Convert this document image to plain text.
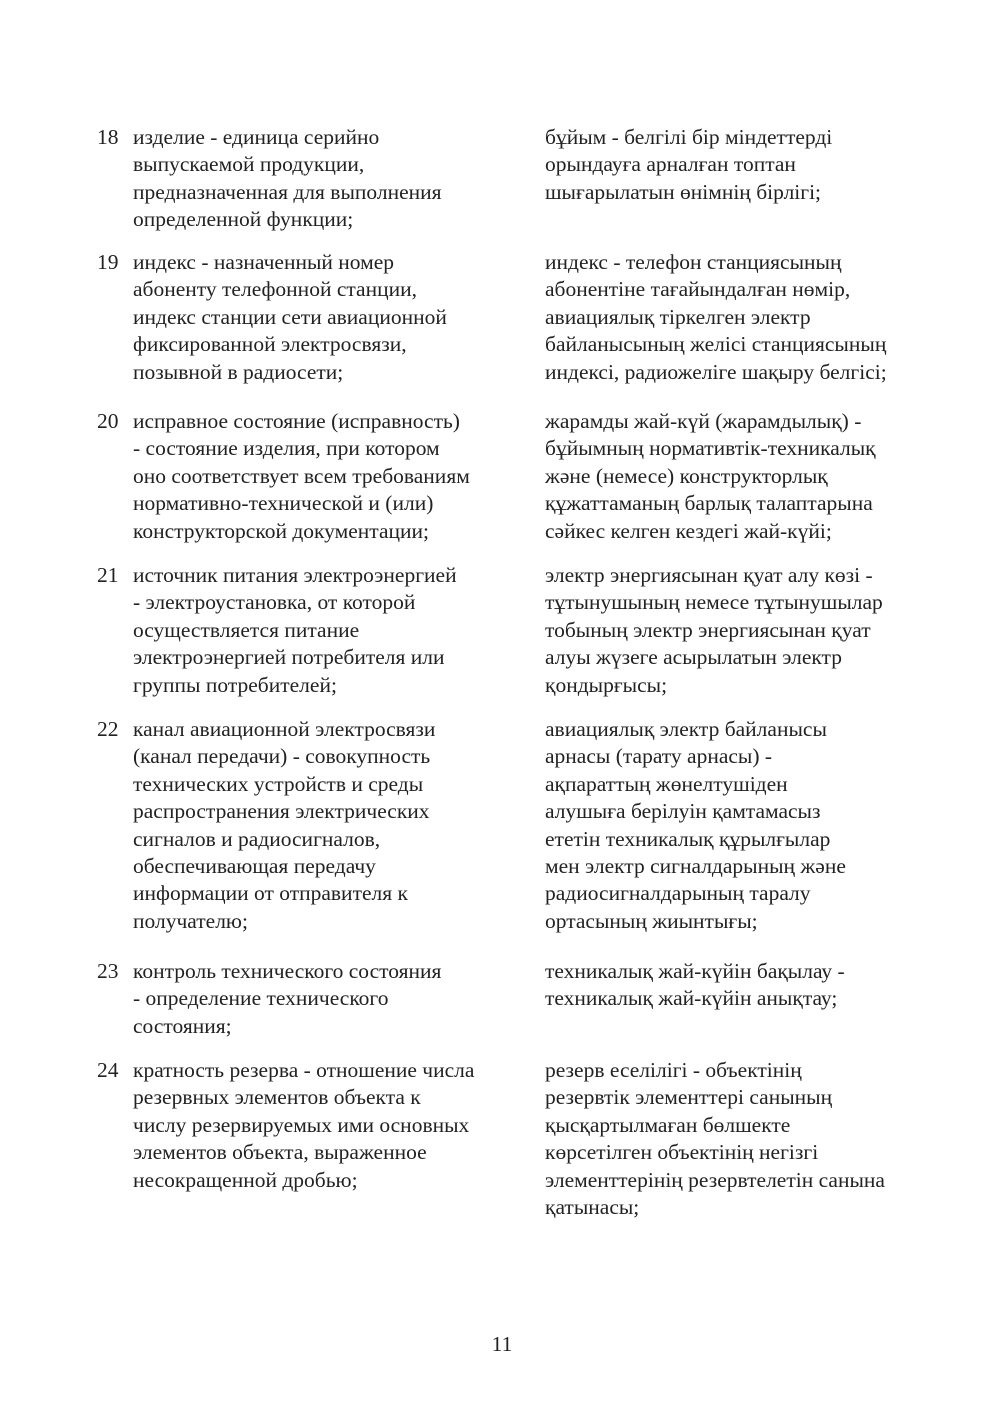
18 изделие - единица серийно
выпускаемой продукции,
предназначенная для выполнения
определенной функции;
бұйым - белгілі бір міндеттерді
орындауға арналған топтан
шығарылатын өнімнің бірлігі;
19 индекс - назначенный номер
абоненту телефонной станции,
индекс станции сети авиационной
фиксированной электросвязи,
позывной в радиосети;
индекс - телефон станциясының
абонентіне тағайындалған нөмір,
авиациялық тіркелген электр
байланысының желісі станциясының
индексі, радиожеліге шақыру белгісі;
20 исправное состояние (исправность)
- состояние изделия, при котором
оно соответствует всем требованиям
нормативно-технической и (или)
конструкторской документации;
жарамды жай-күй (жарамдылық) -
бұйымның нормативтік-техникалық
және (немесе) конструкторлық
құжаттаманың барлық талаптарына
сәйкес келген кездегі жай-күйі;
21 источник питания электроэнергией
- электроустановка, от которой
осуществляется питание
электроэнергией потребителя или
группы потребителей;
электр энергиясынан қуат алу көзі -
тұтынушының немесе тұтынушылар
тобының электр энергиясынан қуат
алуы жүзеге асырылатын электр
қондырғысы;
22 канал авиационной электросвязи
(канал передачи) - совокупность
технических устройств и среды
распространения электрических
сигналов и радиосигналов,
обеспечивающая передачу
информации от отправителя к
получателю;
авиациялық электр байланысы
арнасы (тарату арнасы) -
ақпараттың жөнелтушіден
алушыға берілуін қамтамасыз
ететін техникалық құрылғылар
мен электр сигналдарының және
радиосигналдарының таралу
ортасының жиынтығы;
23 контроль технического состояния
- определение технического
состояния;
техникалық жай-күйін бақылау -
техникалық жай-күйін анықтау;
24 кратность резерва - отношение числа
резервных элементов объекта к
числу резервируемых ими основных
элементов объекта, выраженное
несокращенной дробью;
резерв еселілігі - объектінің
резервтік элементтері санының
қысқартылмаған бөлшекте
көрсетілген объектінің негізгі
элементтерінің резервтелетін санына
қатынасы;
11
